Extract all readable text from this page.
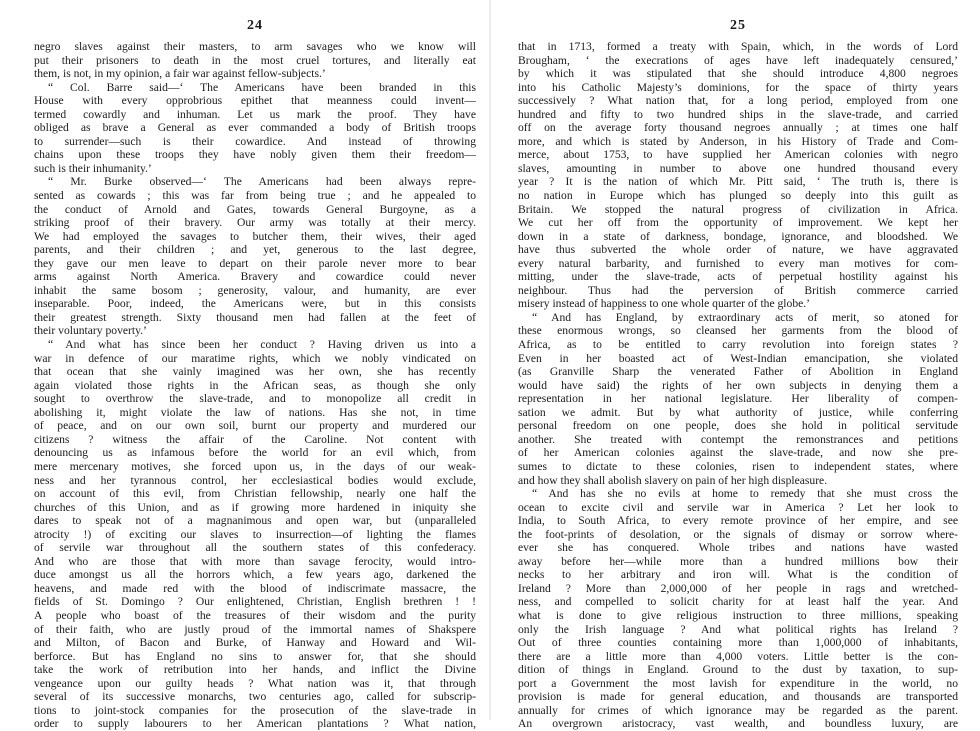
24
negro slaves against their masters, to arm savages who we know will
put their prisoners to death in the most cruel tortures, and literally eat
them, is not, in my opinion, a fair war against fellow-subjects.’
“ Col. Barre said—‘ The Americans have been branded in this
House with every opprobrious epithet that meanness could invent—
termed cowardly and inhuman. Let us mark the proof. They have
obliged as brave a General as ever commanded a body of British troops
to surrender—such is their cowardice. And instead of throwing
chains upon these troops they have nobly given them their freedom—
such is their inhumanity.’
“ Mr. Burke observed—‘ The Americans had been always repre-
sented as cowards ; this was far from being true ; and he appealed to
the conduct of Arnold and Gates, towards General Burgoyne, as a
striking proof of their bravery. Our army was totally at their mercy.
We had employed the savages to butcher them, their wives, their aged
parents, and their children ; and yet, generous to the last degree,
they gave our men leave to depart on their parole never more to bear
arms against North America. Bravery and cowardice could never
inhabit the same bosom ; generosity, valour, and humanity, are ever
inseparable. Poor, indeed, the Americans were, but in this consists
their greatest strength. Sixty thousand men had fallen at the feet of
their voluntary poverty.’
“ And what has since been her conduct ? Having driven us into a
war in defence of our maratime rights, which we nobly vindicated on
that ocean that she vainly imagined was her own, she has recently
again violated those rights in the African seas, as though she only
sought to overthrow the slave-trade, and to monopolize all credit in
abolishing it, might violate the law of nations. Has she not, in time
of peace, and on our own soil, burnt our property and murdered our
citizens ? witness the affair of the Caroline. Not content with
denouncing us as infamous before the world for an evil which, from
mere mercenary motives, she forced upon us, in the days of our weak-
ness and her tyrannous control, her ecclesiastical bodies would exclude,
on account of this evil, from Christian fellowship, nearly one half the
churches of this Union, and as if growing more hardened in iniquity she
dares to speak not of a magnanimous and open war, but (unparalleled
atrocity !) of exciting our slaves to insurrection—of lighting the flames
of servile war throughout all the southern states of this confederacy.
And who are those that with more than savage ferocity, would intro-
duce amongst us all the horrors which, a few years ago, darkened the
heavens, and made red with the blood of indiscrimate massacre, the
fields of St. Domingo ? Our enlightened, Christian, English brethren ! !
A people who boast of the treasures of their wisdom and the purity
of their faith, who are justly proud of the immortal names of Shakspere
and Milton, of Bacon and Burke, of Hanway and Howard and Wil-
berforce. But has England no sins to answer for, that she should
take the work of retribution into her hands, and inflict the Divine
vengeance upon our guilty heads ? What nation was it, that through
several of its successive monarchs, two centuries ago, called for subscrip-
tions to joint-stock companies for the prosecution of the slave-trade in
order to supply labourers to her American plantations ? What nation,
25
that in 1713, formed a treaty with Spain, which, in the words of Lord
Brougham, ‘ the execrations of ages have left inadequately censured,’
by which it was stipulated that she should introduce 4,800 negroes
into his Catholic Majesty’s dominions, for the space of thirty years
successively ? What nation that, for a long period, employed from one
hundred and fifty to two hundred ships in the slave-trade, and carried
off on the average forty thousand negroes annually ; at times one half
more, and which is stated by Anderson, in his History of Trade and Com-
merce, about 1753, to have supplied her American colonies with negro
slaves, amounting in number to above one hundred thousand every
year ? It is the nation of which Mr. Pitt said, ‘ The truth is, there is
no nation in Europe which has plunged so deeply into this guilt as
Britain. We stopped the natural progress of civilization in Africa.
We cut her off from the opportunity of improvement. We kept her
down in a state of darkness, bondage, ignorance, and bloodshed. We
have thus subverted the whole order of nature, we have aggravated
every natural barbarity, and furnished to every man motives for com-
mitting, under the slave-trade, acts of perpetual hostility against his
neighbour. Thus had the perversion of British commerce carried
misery instead of happiness to one whole quarter of the globe.’
“ And has England, by extraordinary acts of merit, so atoned for
these enormous wrongs, so cleansed her garments from the blood of
Africa, as to be entitled to carry revolution into foreign states ?
Even in her boasted act of West-Indian emancipation, she violated
(as Granville Sharp the venerated Father of Abolition in England
would have said) the rights of her own subjects in denying them a
representation in her national legislature. Her liberality of compen-
sation we admit. But by what authority of justice, while conferring
personal freedom on one people, does she hold in political servitude
another. She treated with contempt the remonstrances and petitions
of her American colonies against the slave-trade, and now she pre-
sumes to dictate to these colonies, risen to independent states, where
and how they shall abolish slavery on pain of her high displeasure.
“ And has she no evils at home to remedy that she must cross the
ocean to excite civil and servile war in America ? Let her look to
India, to South Africa, to every remote province of her empire, and see
the foot-prints of desolation, or the signals of dismay or sorrow where-
ever she has conquered. Whole tribes and nations have wasted
away before her—while more than a hundred millions bow their
necks to her arbitrary and iron will. What is the condition of
Ireland ? More than 2,000,000 of her people in rags and wretched-
ness, and compelled to solicit charity for at least half the year. And
what is done to give religious instruction to three millions, speaking
only the Irish language ? And what political rights has Ireland ?
Out of three counties containing more than 1,000,000 of inhabitants,
there are a little more than 4,000 voters. Little better is the con-
dition of things in England. Ground to the dust by taxation, to sup-
port a Government the most lavish for expenditure in the world, no
provision is made for general education, and thousands are transported
annually for crimes of which ignorance may be regarded as the parent.
An overgrown aristocracy, vast wealth, and boundless luxury, are
